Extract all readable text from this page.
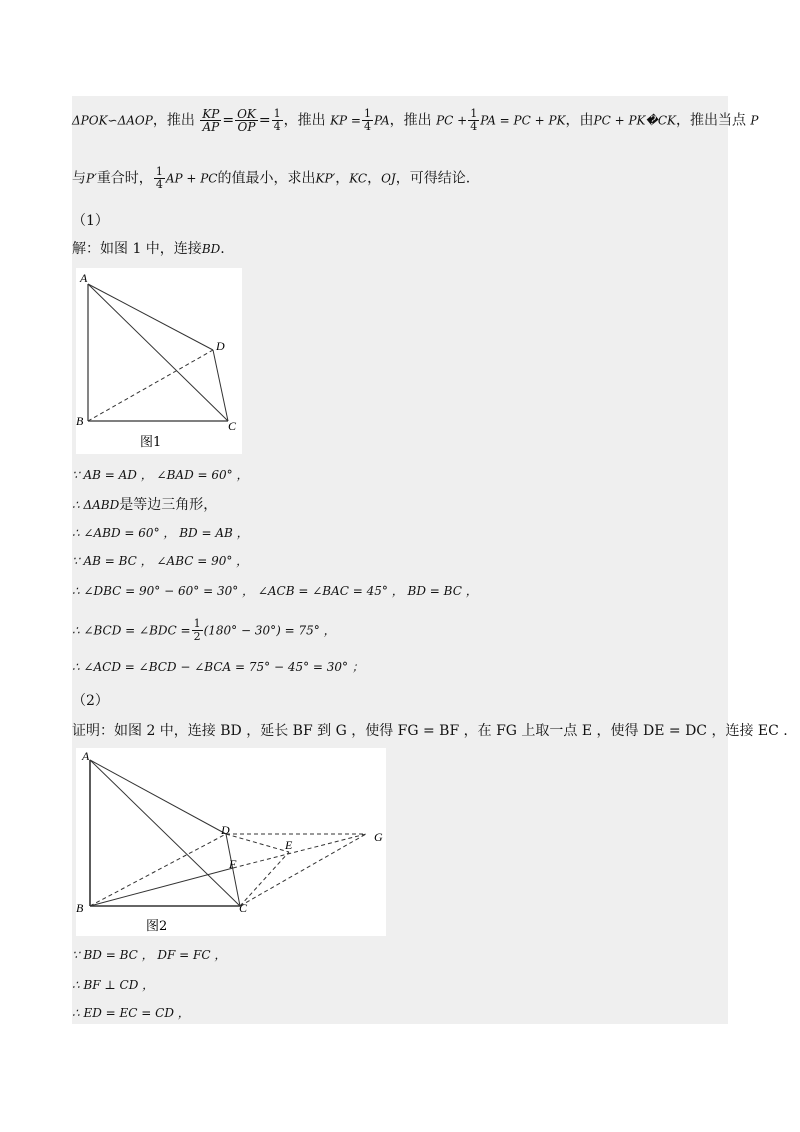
ΔPOK∽ΔAOP，推出 $\frac{KP}{AP} = \frac{OK}{OP} = \frac{1}{4}$ ，推出 KP = $\frac{1}{4}$ PA，推出 PC + $\frac{1}{4}$ PA = PC + PK，由PC + PK�CK，推出当点 P
与P′重合时， $\frac{1}{4}$ AP + PC的值最小，求出KP′，KC，OJ，可得结论.
（1）
解：如图 1 中，连接BD.
A
B	C
D
图1
∵ AB = AD ， ∠BAD = 60° ，
∴ ΔABD是等边三角形，
∴ ∠ABD = 60° ， BD = AB ，
∵ AB = BC ， ∠ABC = 90° ，
∴ ∠DBC = 90° − 60° = 30° ， ∠ACB = ∠BAC = 45° ， BD = BC ，
∴ ∠BCD = ∠BDC = $\frac{1}{2} (180^\circ - 30^\circ) = 75^\circ$ ，
∴ ∠ACD = ∠BCD − ∠BCA = 75° − 45° = 30° ；
（2）
证明：如图 2 中，连接 BD ，延长 BF 到 G ，使得 FG = BF ，在 FG 上取一点 E ，使得 DE = DC ，连接 EC .
A
B	C
D
E
F
G
图2
∵ BD = BC ， DF = FC ，
∴ BF ⊥ CD ，
∴ ED = EC = CD ，
